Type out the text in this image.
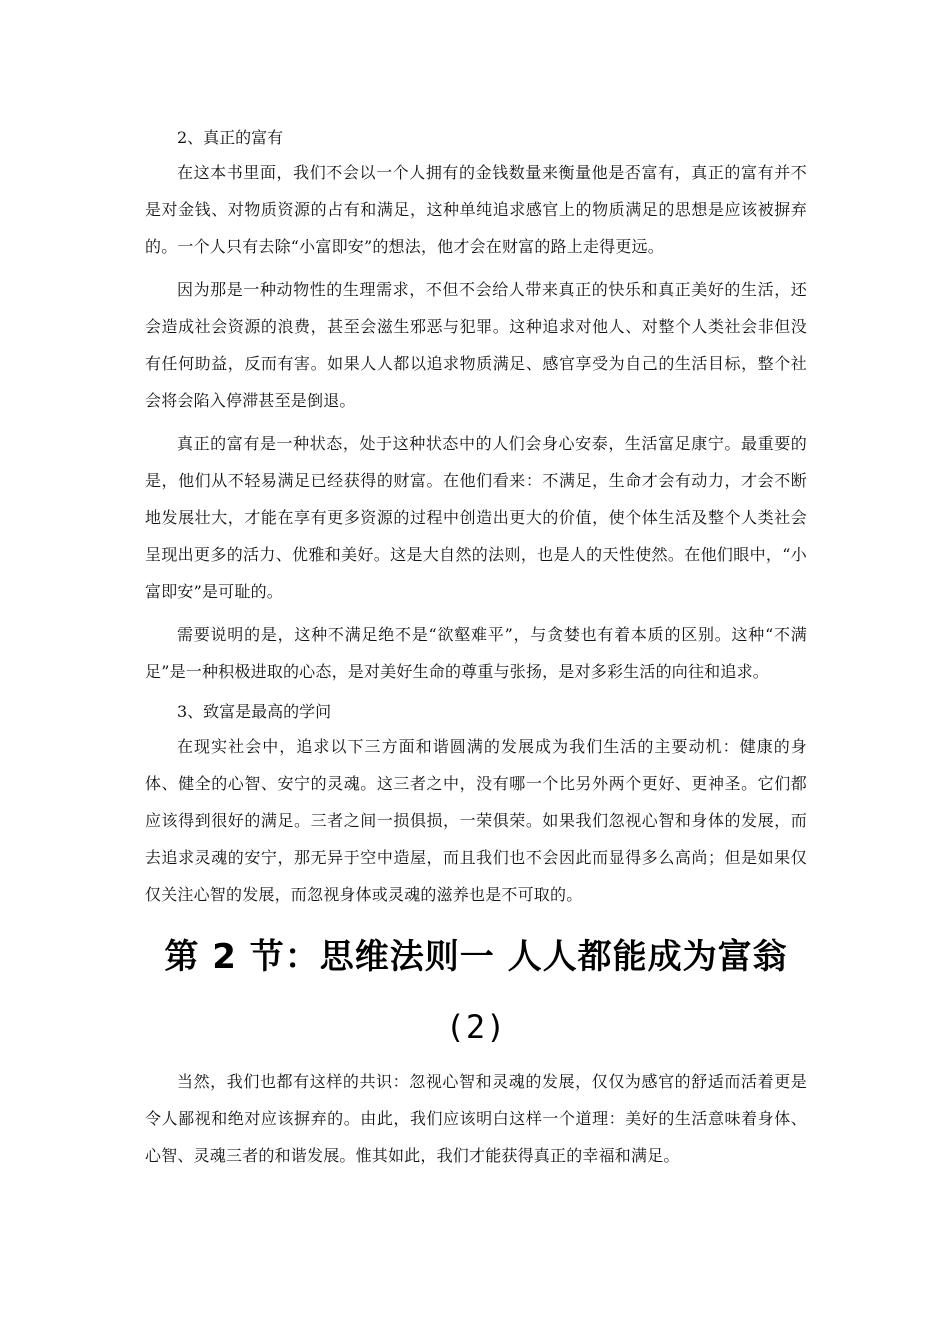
2、真正的富有

在这本书里面，我们不会以一个人拥有的金钱数量来衡量他是否富有，真正的富有并不是对金钱、对物质资源的占有和满足，这种单纯追求感官上的物质满足的思想是应该被摒弃的。一个人只有去除“小富即安”的想法，他才会在财富的路上走得更远。

因为那是一种动物性的生理需求，不但不会给人带来真正的快乐和真正美好的生活，还会造成社会资源的浪费，甚至会滋生邪恶与犯罪。这种追求对他人、对整个人类社会非但没有任何助益，反而有害。如果人人都以追求物质满足、感官享受为自己的生活目标，整个社会将会陷入停滞甚至是倒退。

真正的富有是一种状态，处于这种状态中的人们会身心安泰，生活富足康宁。最重要的是，他们从不轻易满足已经获得的财富。在他们看来：不满足，生命才会有动力，才会不断地发展壮大，才能在享有更多资源的过程中创造出更大的价值，使个体生活及整个人类社会呈现出更多的活力、优雅和美好。这是大自然的法则，也是人的天性使然。在他们眼中，“小富即安”是可耻的。

需要说明的是，这种不满足绝不是“欲壑难平”，与贪婪也有着本质的区别。这种“不满足”是一种积极进取的心态，是对美好生命的尊重与张扬，是对多彩生活的向往和追求。

3、致富是最高的学问

在现实社会中，追求以下三方面和谐圆满的发展成为我们生活的主要动机：健康的身体、健全的心智、安宁的灵魂。这三者之中，没有哪一个比另外两个更好、更神圣。它们都应该得到很好的满足。三者之间一损俱损，一荣俱荣。如果我们忽视心智和身体的发展，而去追求灵魂的安宁，那无异于空中造屋，而且我们也不会因此而显得多么高尚；但是如果仅仅关注心智的发展，而忽视身体或灵魂的滋养也是不可取的。

第 2 节：思维法则一 人人都能成为富翁
(2)

当然，我们也都有这样的共识：忽视心智和灵魂的发展，仅仅为感官的舒适而活着更是令人鄙视和绝对应该摒弃的。由此，我们应该明白这样一个道理：美好的生活意味着身体、心智、灵魂三者的和谐发展。惟其如此，我们才能获得真正的幸福和满足。
